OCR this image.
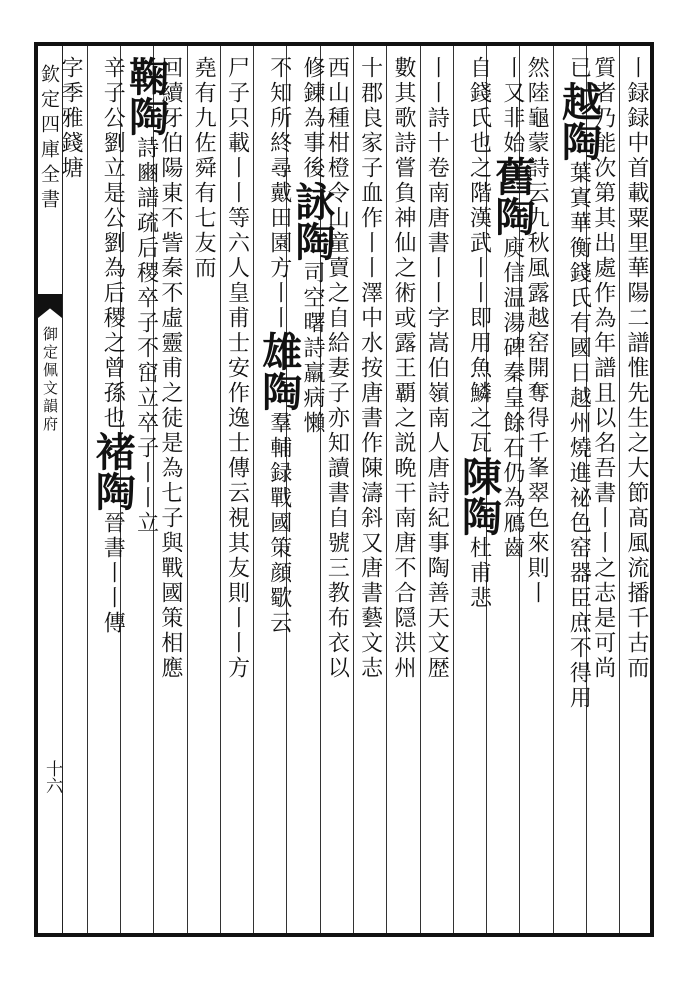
欽定四庫全書
御定佩文韻府
十六
丨録録中首載粟里華陽二譜惟先生之大節髙風流播千古而
質者乃能次第其出處作為年譜且以名吾書丨丨之志是可尚
已越陶葉寘華衡錢氏有國日越州燒進祕色窑器臣庶不得用
然陸龜蒙詩云九秋風露越窑開奪得千峯翠色來則丨
丨又非始舊陶庾信温湯碑秦皇餘石仍為鴈齒
自錢氏也之階漢武丨丨即用魚鱗之瓦陳陶杜甫悲
丨丨詩十卷南唐書丨丨字嵩伯嶺南人唐詩紀事陶善天文歴
數其歌詩嘗負神仙之術或露王覇之説晩干南唐不合隠洪州
十郡良家子血作丨丨澤中水按唐書作陳濤斜又唐書藝文志
西山種柑橙令山童賣之自給妻子亦知讀書自號三教布衣以
修錬為事後詠陶司空曙詩羸病懶
不知所終尋戴田園方丨丨雄陶羣輔録戰國策顔歜云
尸子只載丨丨等六人皇甫士安作逸士傳云視其友則丨丨方
堯有九佐舜有七友而
回續牙伯陽東不訾秦不虛靈甫之徒是為七子與戰國策相應
鞠陶詩豳譜疏后稷卒子不窋立卒子丨丨立
辛子公劉立是公劉為后稷之曾孫也褚陶晉書丨丨傳
字季雅錢塘
